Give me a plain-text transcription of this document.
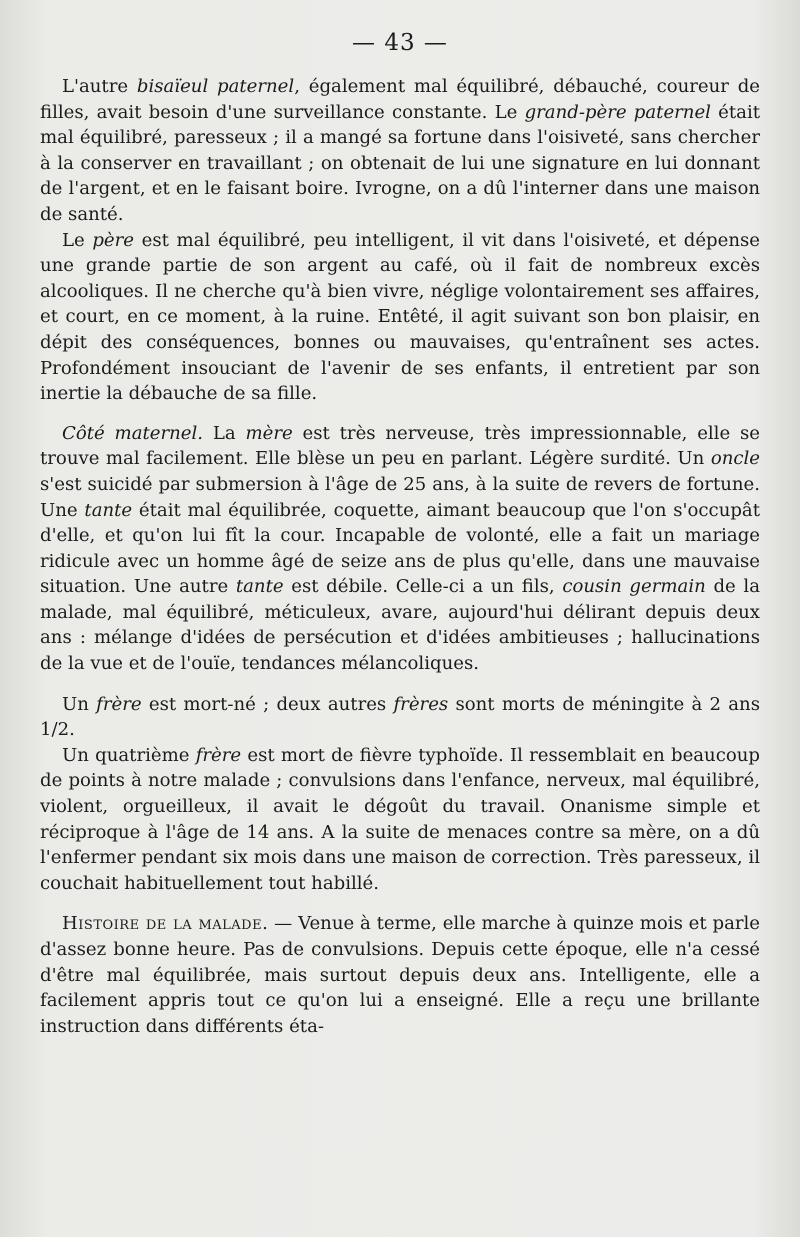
— 43 —

L'autre bisaïeul paternel, également mal équilibré, débauché, coureur de filles, avait besoin d'une surveillance constante. Le grand-père paternel était mal équilibré, paresseux ; il a mangé sa fortune dans l'oisiveté, sans chercher à la conserver en travaillant ; on obtenait de lui une signature en lui donnant de l'argent, et en le faisant boire. Ivrogne, on a dû l'interner dans une maison de santé.

Le père est mal équilibré, peu intelligent, il vit dans l'oisiveté, et dépense une grande partie de son argent au café, où il fait de nombreux excès alcooliques. Il ne cherche qu'à bien vivre, néglige volontairement ses affaires, et court, en ce moment, à la ruine. Entêté, il agit suivant son bon plaisir, en dépit des conséquences, bonnes ou mauvaises, qu'entraînent ses actes. Profondément insouciant de l'avenir de ses enfants, il entretient par son inertie la débauche de sa fille.

Côté maternel. La mère est très nerveuse, très impressionnable, elle se trouve mal facilement. Elle blèse un peu en parlant. Légère surdité. Un oncle s'est suicidé par submersion à l'âge de 25 ans, à la suite de revers de fortune. Une tante était mal équilibrée, coquette, aimant beaucoup que l'on s'occupât d'elle, et qu'on lui fît la cour. Incapable de volonté, elle a fait un mariage ridicule avec un homme âgé de seize ans de plus qu'elle, dans une mauvaise situation. Une autre tante est débile. Celle-ci a un fils, cousin germain de la malade, mal équilibré, méticuleux, avare, aujourd'hui délirant depuis deux ans : mélange d'idées de persécution et d'idées ambitieuses ; hallucinations de la vue et de l'ouïe, tendances mélancoliques.

Un frère est mort-né ; deux autres frères sont morts de méningite à 2 ans 1/2.

Un quatrième frère est mort de fièvre typhoïde. Il ressemblait en beaucoup de points à notre malade ; convulsions dans l'enfance, nerveux, mal équilibré, violent, orgueilleux, il avait le dégoût du travail. Onanisme simple et réciproque à l'âge de 14 ans. A la suite de menaces contre sa mère, on a dû l'enfermer pendant six mois dans une maison de correction. Très paresseux, il couchait habituellement tout habillé.

Histoire de la malade. — Venue à terme, elle marche à quinze mois et parle d'assez bonne heure. Pas de convulsions. Depuis cette époque, elle n'a cessé d'être mal équilibrée, mais surtout depuis deux ans. Intelligente, elle a facilement appris tout ce qu'on lui a enseigné. Elle a reçu une brillante instruction dans différents éta-
